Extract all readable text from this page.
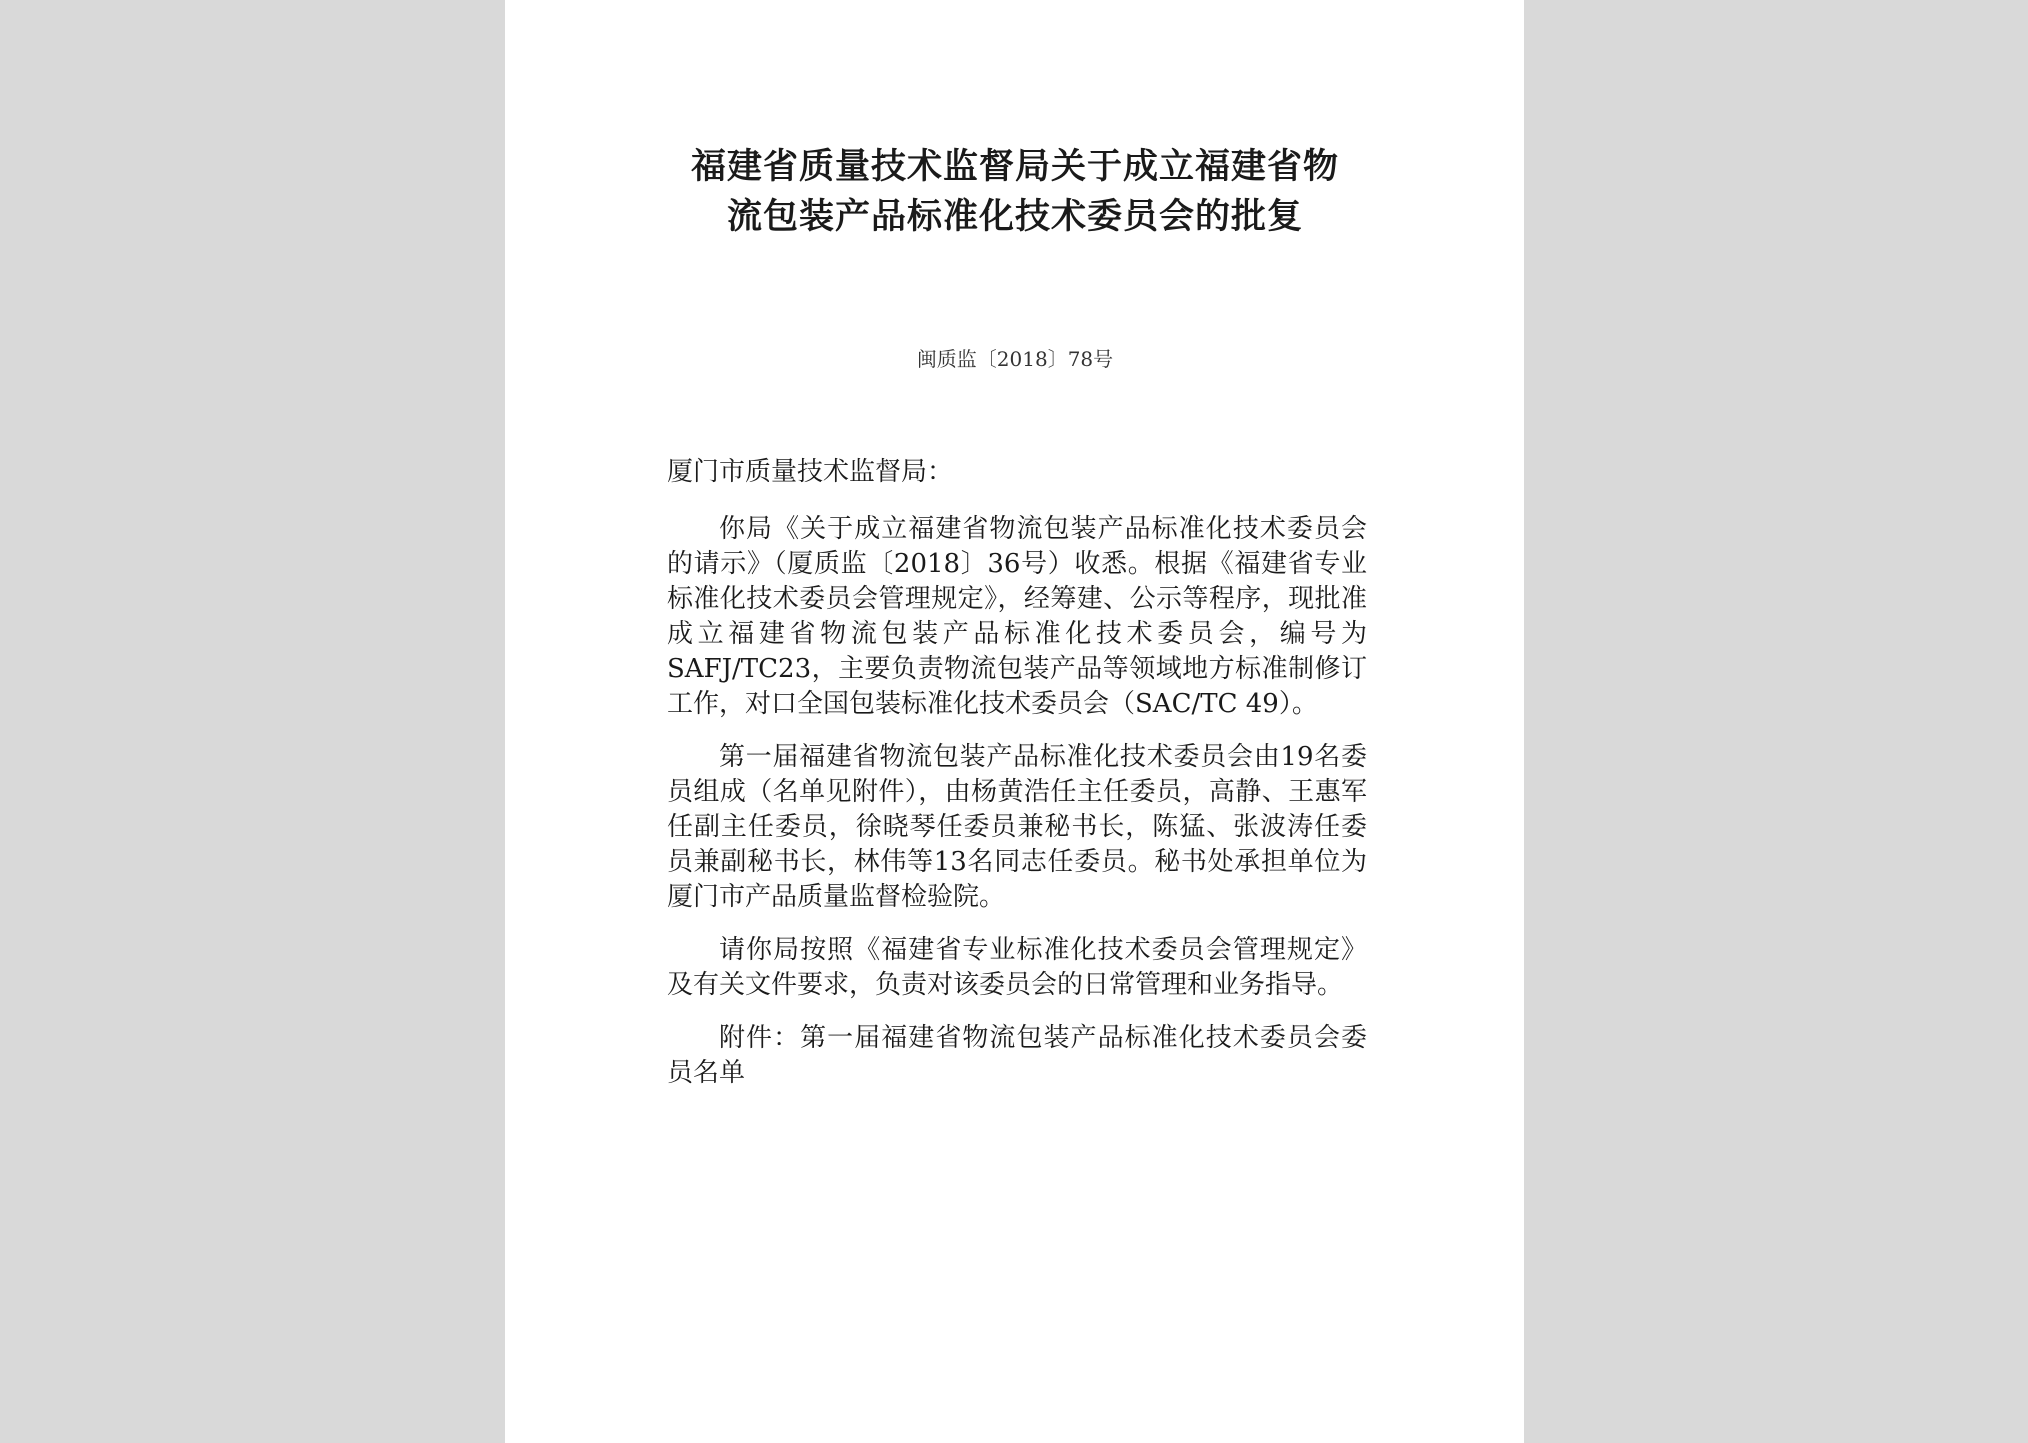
福建省质量技术监督局关于成立福建省物
流包装产品标准化技术委员会的批复
闽质监〔2018〕78号

厦门市质量技术监督局：

你局《关于成立福建省物流包装产品标准化技术委员会的请示》（厦质监〔2018〕36号）收悉。根据《福建省专业标准化技术委员会管理规定》，经筹建、公示等程序，现批准成立福建省物流包装产品标准化技术委员会，编号为SAFJ/TC23，主要负责物流包装产品等领域地方标准制修订工作，对口全国包装标准化技术委员会（SAC/TC 49）。

第一届福建省物流包装产品标准化技术委员会由19名委员组成（名单见附件），由杨黄浩任主任委员，高静、王惠军任副主任委员，徐晓琴任委员兼秘书长，陈猛、张波涛任委员兼副秘书长，林伟等13名同志任委员。秘书处承担单位为厦门市产品质量监督检验院。

请你局按照《福建省专业标准化技术委员会管理规定》及有关文件要求，负责对该委员会的日常管理和业务指导。

附件：第一届福建省物流包装产品标准化技术委员会委员名单
